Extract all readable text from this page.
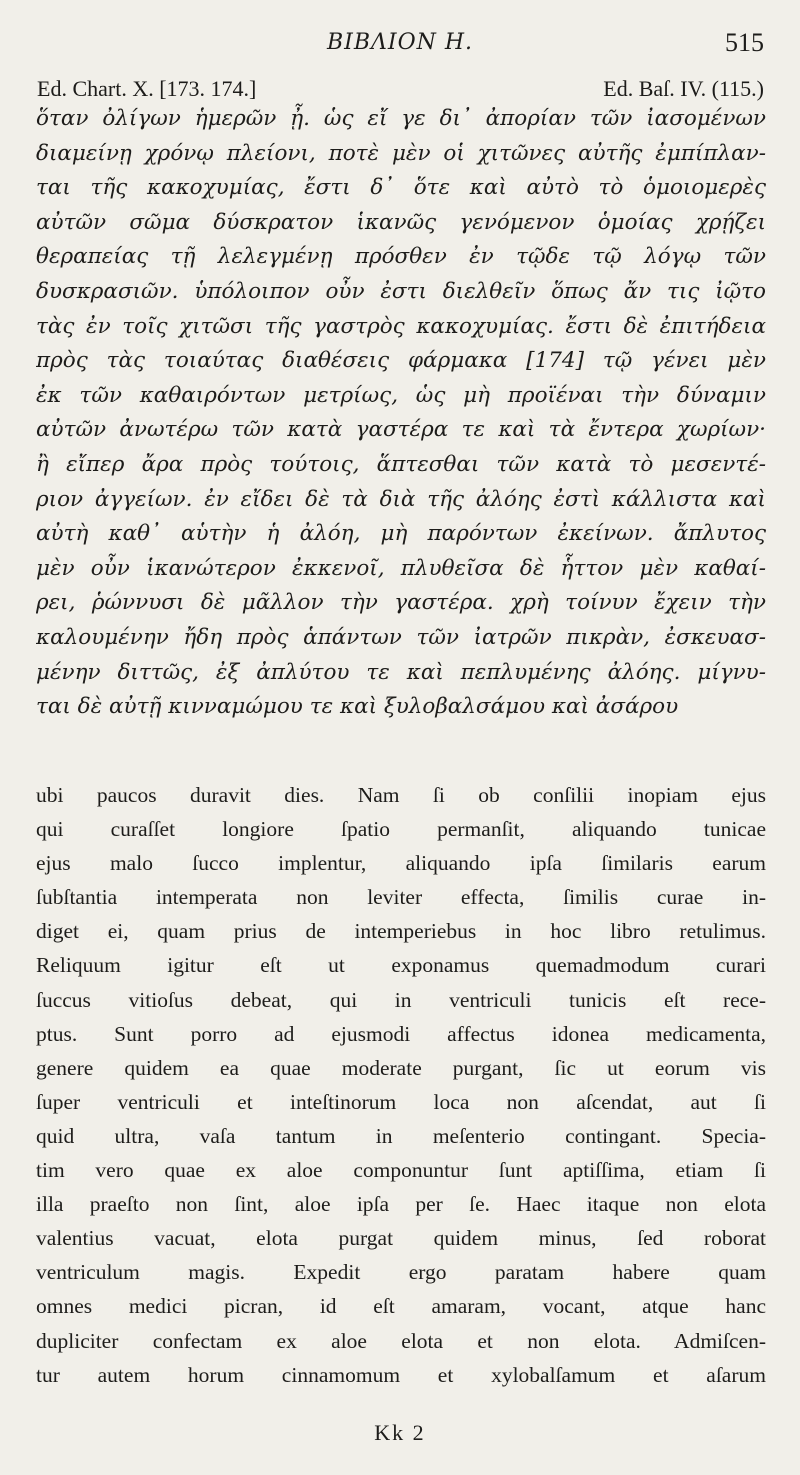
ΒΙΒΛΙΟΝ Η.	515
Ed. Chart. X. [173. 174.]	Ed. Baſ. IV. (115.)
ὅταν ὀλίγων ἡμερῶν ᾖ. ὡς εἴ γε δι᾽ ἀπορίαν τῶν ἰασομένων
διαμείνῃ χρόνῳ πλείονι, ποτὲ μὲν οἱ χιτῶνες αὐτῆς ἐμπίπλαν-
ται τῆς κακοχυμίας, ἔστι δ᾽ ὅτε καὶ αὐτὸ τὸ ὁμοιομερὲς
αὐτῶν σῶμα δύσκρατον ἱκανῶς γενόμενον ὁμοίας χρῄζει
θεραπείας τῇ λελεγμένῃ πρόσθεν ἐν τῷδε τῷ λόγῳ τῶν
δυσκρασιῶν. ὑπόλοιπον οὖν ἐστι διελθεῖν ὅπως ἄν τις ἰῷτο
τὰς ἐν τοῖς χιτῶσι τῆς γαστρὸς κακοχυμίας. ἔστι δὲ ἐπιτήδεια
πρὸς τὰς τοιαύτας διαθέσεις φάρμακα [174] τῷ γένει μὲν
ἐκ τῶν καθαιρόντων μετρίως, ὡς μὴ προϊέναι τὴν δύναμιν
αὐτῶν ἀνωτέρω τῶν κατὰ γαστέρα τε καὶ τὰ ἔντερα χωρίων·
ἢ εἴπερ ἄρα πρὸς τούτοις, ἅπτεσθαι τῶν κατὰ τὸ μεσεντέ-
ριον ἀγγείων. ἐν εἴδει δὲ τὰ διὰ τῆς ἀλόης ἐστὶ κάλλιστα καὶ
αὐτὴ καθ᾽ αὑτὴν ἡ ἀλόη, μὴ παρόντων ἐκείνων. ἄπλυτος
μὲν οὖν ἱκανώτερον ἐκκενοῖ, πλυθεῖσα δὲ ἧττον μὲν καθαί-
ρει, ῥώννυσι δὲ μᾶλλον τὴν γαστέρα. χρὴ τοίνυν ἔχειν τὴν
καλουμένην ἤδη πρὸς ἁπάντων τῶν ἰατρῶν πικρὰν, ἐσκευασ-
μένην διττῶς, ἐξ ἀπλύτου τε καὶ πεπλυμένης ἀλόης. μίγνυ-
ται δὲ αὐτῇ κινναμώμου τε καὶ ξυλοβαλσάμου καὶ ἀσάρου
ubi paucos duravit dies. Nam ſi ob conſilii inopiam ejus
qui curaſſet longiore ſpatio permanſit, aliquando tunicae
ejus malo ſucco implentur, aliquando ipſa ſimilaris earum
ſubſtantia intemperata non leviter effecta, ſimilis curae in-
diget ei, quam prius de intemperiebus in hoc libro retulimus.
Reliquum igitur eſt ut exponamus quemadmodum curari
ſuccus vitioſus debeat, qui in ventriculi tunicis eſt rece-
ptus. Sunt porro ad ejusmodi affectus idonea medicamenta,
genere quidem ea quae moderate purgant, ſic ut eorum vis
ſuper ventriculi et inteſtinorum loca non aſcendat, aut ſi
quid ultra, vaſa tantum in meſenterio contingant. Specia-
tim vero quae ex aloe componuntur ſunt aptiſſima, etiam ſi
illa praeſto non ſint, aloe ipſa per ſe. Haec itaque non elota
valentius vacuat, elota purgat quidem minus, ſed roborat
ventriculum magis. Expedit ergo paratam habere quam
omnes medici picran, id eſt amaram, vocant, atque hanc
dupliciter confectam ex aloe elota et non elota. Admiſcen-
tur autem horum cinnamomum et xylobalſamum et aſarum
Kk 2
